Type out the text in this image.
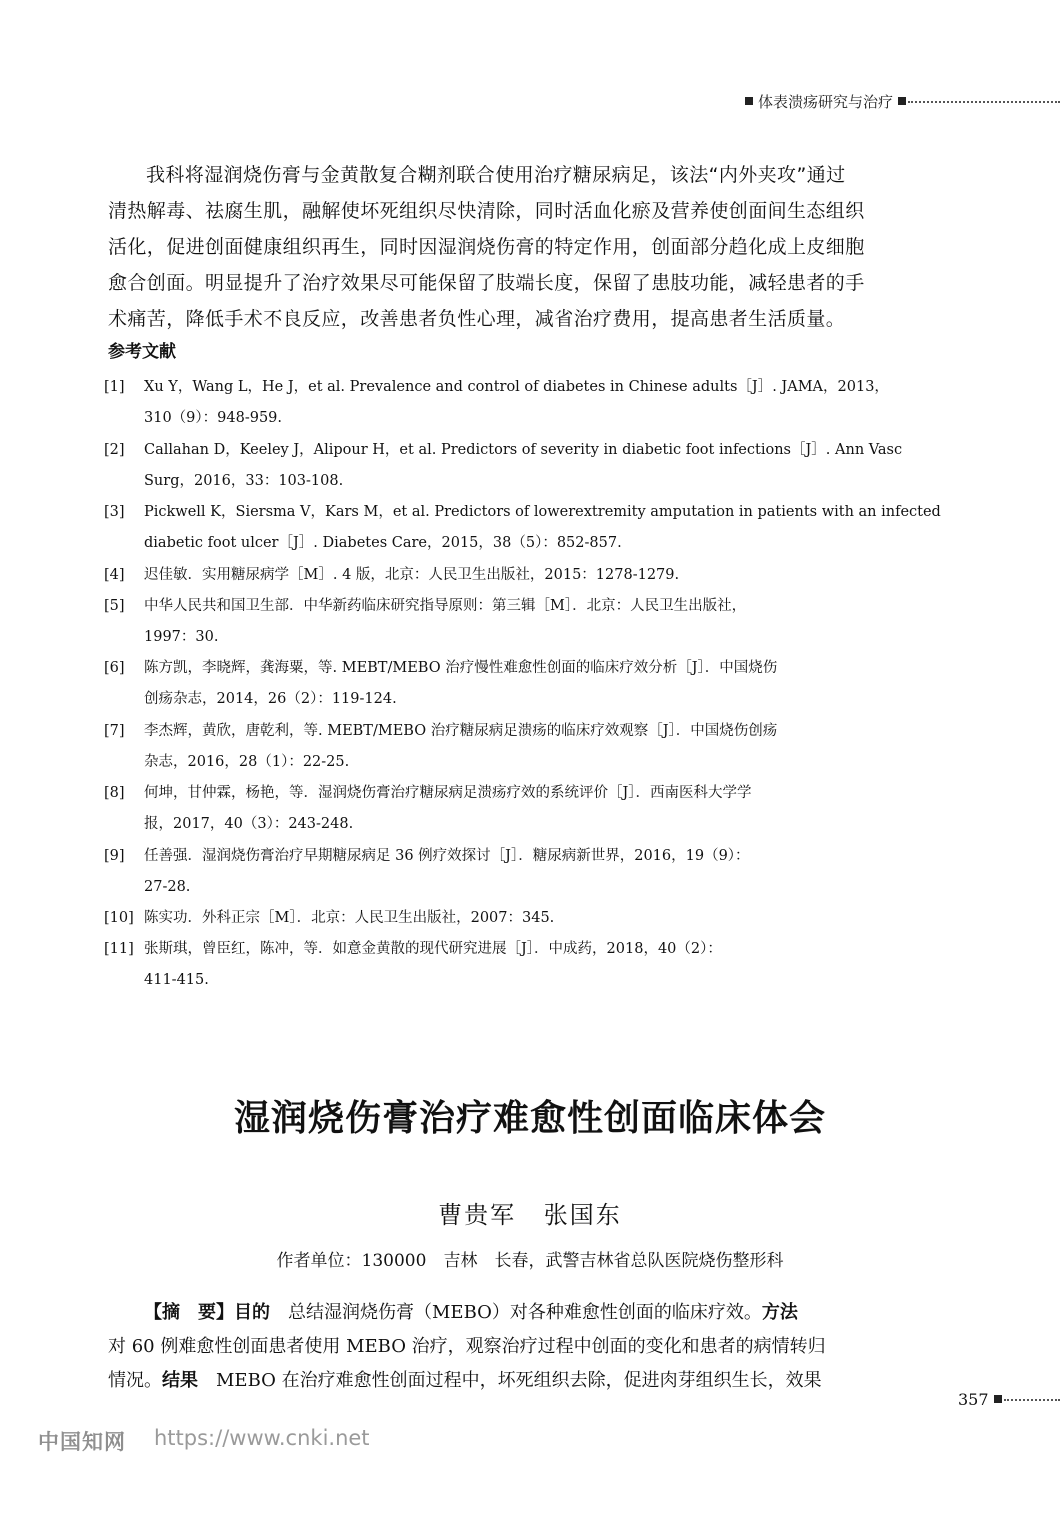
体表溃疡研究与治疗
我科将湿润烧伤膏与金黄散复合糊剂联合使用治疗糖尿病足，该法“内外夹攻”通过
清热解毒、祛腐生肌，融解使坏死组织尽快清除，同时活血化瘀及营养使创面间生态组织
活化，促进创面健康组织再生，同时因湿润烧伤膏的特定作用，创面部分趋化成上皮细胞
愈合创面。明显提升了治疗效果尽可能保留了肢端长度，保留了患肢功能，减轻患者的手
术痛苦，降低手术不良反应，改善患者负性心理，减省治疗费用，提高患者生活质量。
参考文献
[1]	Xu Y，Wang L，He J，et al. Prevalence and control of diabetes in Chinese adults［J］. JAMA，2013，
310（9）：948-959.
[2]	Callahan D，Keeley J，Alipour H，et al. Predictors of severity in diabetic foot infections［J］. Ann Vasc
Surg，2016，33：103-108.
[3]	Pickwell K，Siersma V，Kars M，et al. Predictors of lowerextremity amputation in patients with an infected
diabetic foot ulcer［J］. Diabetes Care，2015，38（5）：852-857.
[4]	迟佳敏．实用糖尿病学［M］. 4 版，北京：人民卫生出版社，2015：1278-1279.
[5]	中华人民共和国卫生部．中华新药临床研究指导原则：第三辑［M］．北京：人民卫生出版社，
1997：30.
[6]	陈方凯，李晓辉，龚海粟，等. MEBT/MEBO 治疗慢性难愈性创面的临床疗效分析［J］．中国烧伤
创疡杂志，2014，26（2）：119-124.
[7]	李杰辉，黄欣，唐乾利，等. MEBT/MEBO 治疗糖尿病足溃疡的临床疗效观察［J］．中国烧伤创疡
杂志，2016，28（1）：22-25.
[8]	何坤，甘仲霖，杨艳，等．湿润烧伤膏治疗糖尿病足溃疡疗效的系统评价［J］．西南医科大学学
报，2017，40（3）：243-248.
[9]	任善强．湿润烧伤膏治疗早期糖尿病足 36 例疗效探讨［J］．糖尿病新世界，2016，19（9）：
27-28.
[10] 陈实功．外科正宗［M］．北京：人民卫生出版社，2007：345.
[11] 张斯琪，曾臣红，陈冲，等．如意金黄散的现代研究进展［J］．中成药，2018，40（2）：
411-415.
湿润烧伤膏治疗难愈性创面临床体会
曹贵军 张国东
作者单位：130000　吉林　长春，武警吉林省总队医院烧伤整形科
【摘　要】目的　总结湿润烧伤膏（MEBO）对各种难愈性创面的临床疗效。方法
对 60 例难愈性创面患者使用 MEBO 治疗，观察治疗过程中创面的变化和患者的病情转归
情况。结果　MEBO 在治疗难愈性创面过程中，坏死组织去除，促进肉芽组织生长，效果
357
中国知网 https://www.cnki.net
